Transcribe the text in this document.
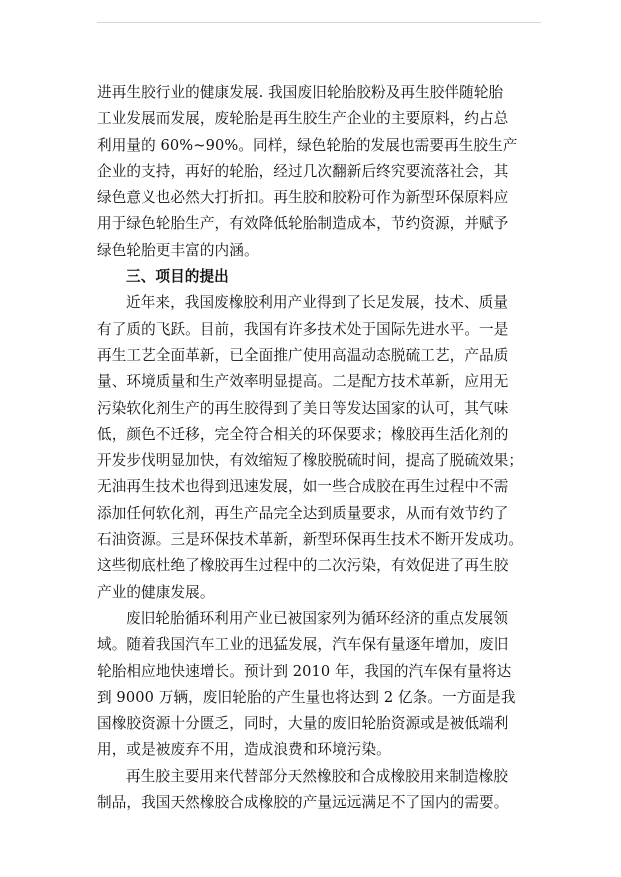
进再生胶行业的健康发展. 我国废旧轮胎胶粉及再生胶伴随轮胎
工业发展而发展，废轮胎是再生胶生产企业的主要原料，约占总
利用量的 60%~90%。同样，绿色轮胎的发展也需要再生胶生产
企业的支持，再好的轮胎，经过几次翻新后终究要流落社会，其
绿色意义也必然大打折扣。再生胶和胶粉可作为新型环保原料应
用于绿色轮胎生产，有效降低轮胎制造成本，节约资源，并赋予
绿色轮胎更丰富的内涵。
三、项目的提出
近年来，我国废橡胶利用产业得到了长足发展，技术、质量
有了质的飞跃。目前，我国有许多技术处于国际先进水平。一是
再生工艺全面革新，已全面推广使用高温动态脱硫工艺，产品质
量、环境质量和生产效率明显提高。二是配方技术革新，应用无
污染软化剂生产的再生胶得到了美日等发达国家的认可，其气味
低，颜色不迁移，完全符合相关的环保要求；橡胶再生活化剂的
开发步伐明显加快，有效缩短了橡胶脱硫时间，提高了脱硫效果；
无油再生技术也得到迅速发展，如一些合成胶在再生过程中不需
添加任何软化剂，再生产品完全达到质量要求，从而有效节约了
石油资源。三是环保技术革新，新型环保再生技术不断开发成功。
这些彻底杜绝了橡胶再生过程中的二次污染，有效促进了再生胶
产业的健康发展。
废旧轮胎循环利用产业已被国家列为循环经济的重点发展领
域。随着我国汽车工业的迅猛发展，汽车保有量逐年增加，废旧
轮胎相应地快速增长。预计到 2010 年，我国的汽车保有量将达
到 9000 万辆，废旧轮胎的产生量也将达到 2 亿条。一方面是我
国橡胶资源十分匮乏，同时，大量的废旧轮胎资源或是被低端利
用，或是被废弃不用，造成浪费和环境污染。
再生胶主要用来代替部分天然橡胶和合成橡胶用来制造橡胶
制品，我国天然橡胶合成橡胶的产量远远满足不了国内的需要。
